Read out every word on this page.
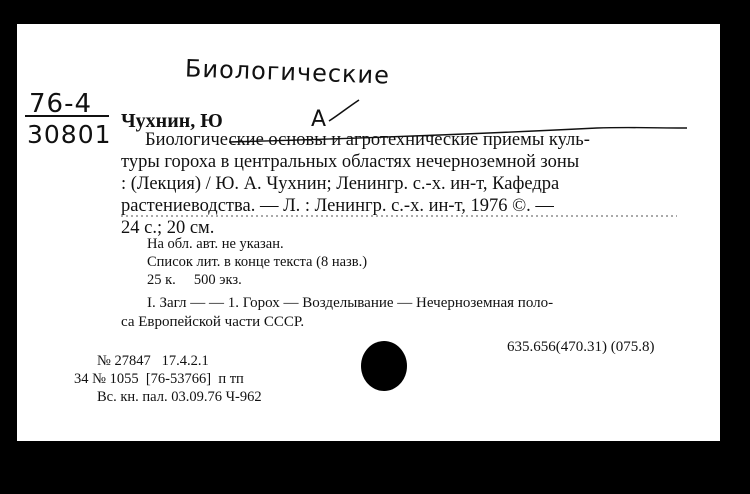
Биологические
76-4
30801
А
Чухнин, Ю
Биологические основы и агротехнические приемы куль-
туры гороха в центральных областях нечерноземной зоны
: (Лекция) / Ю. А. Чухнин; Ленингр. с.-х. ин-т, Кафедра
растениеводства. — Л. : Ленингр. с.-х. ин-т, 1976 ©. —
24 с.; 20 см.
На обл. авт. не указан.
Список лит. в конце текста (8 назв.)
25 к.     500 экз.
I. Загл — — 1. Горох — Возделывание — Нечерноземная поло-
са Европейской части СССР.
635.656(470.31) (075.8)
№ 27847   17.4.2.1
34 № 1055  [76-53766]  п тп
Вс. кн. пал. 03.09.76 Ч-962
